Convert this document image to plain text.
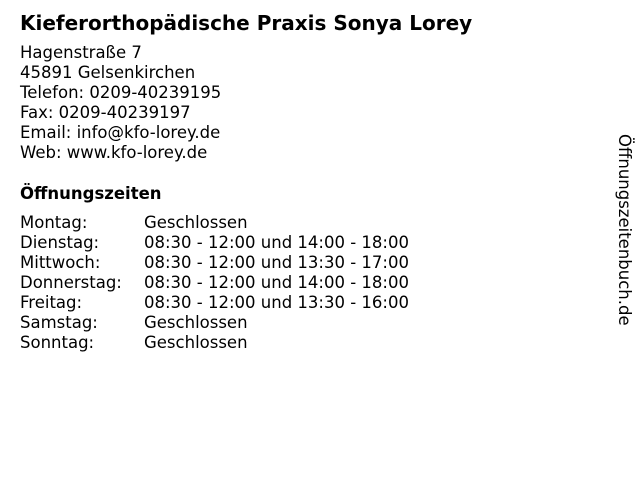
Kieferorthopädische Praxis Sonya Lorey
Hagenstraße 7
45891 Gelsenkirchen
Telefon: 0209-40239195
Fax: 0209-40239197
Email: info@kfo-lorey.de
Web: www.kfo-lorey.de
Öffnungszeiten
Montag:	Geschlossen
Dienstag:	08:30 - 12:00 und 14:00 - 18:00
Mittwoch:	08:30 - 12:00 und 13:30 - 17:00
Donnerstag:	08:30 - 12:00 und 14:00 - 18:00
Freitag:	08:30 - 12:00 und 13:30 - 16:00
Samstag:	Geschlossen
Sonntag:	Geschlossen
Öffnungszeitenbuch.de
